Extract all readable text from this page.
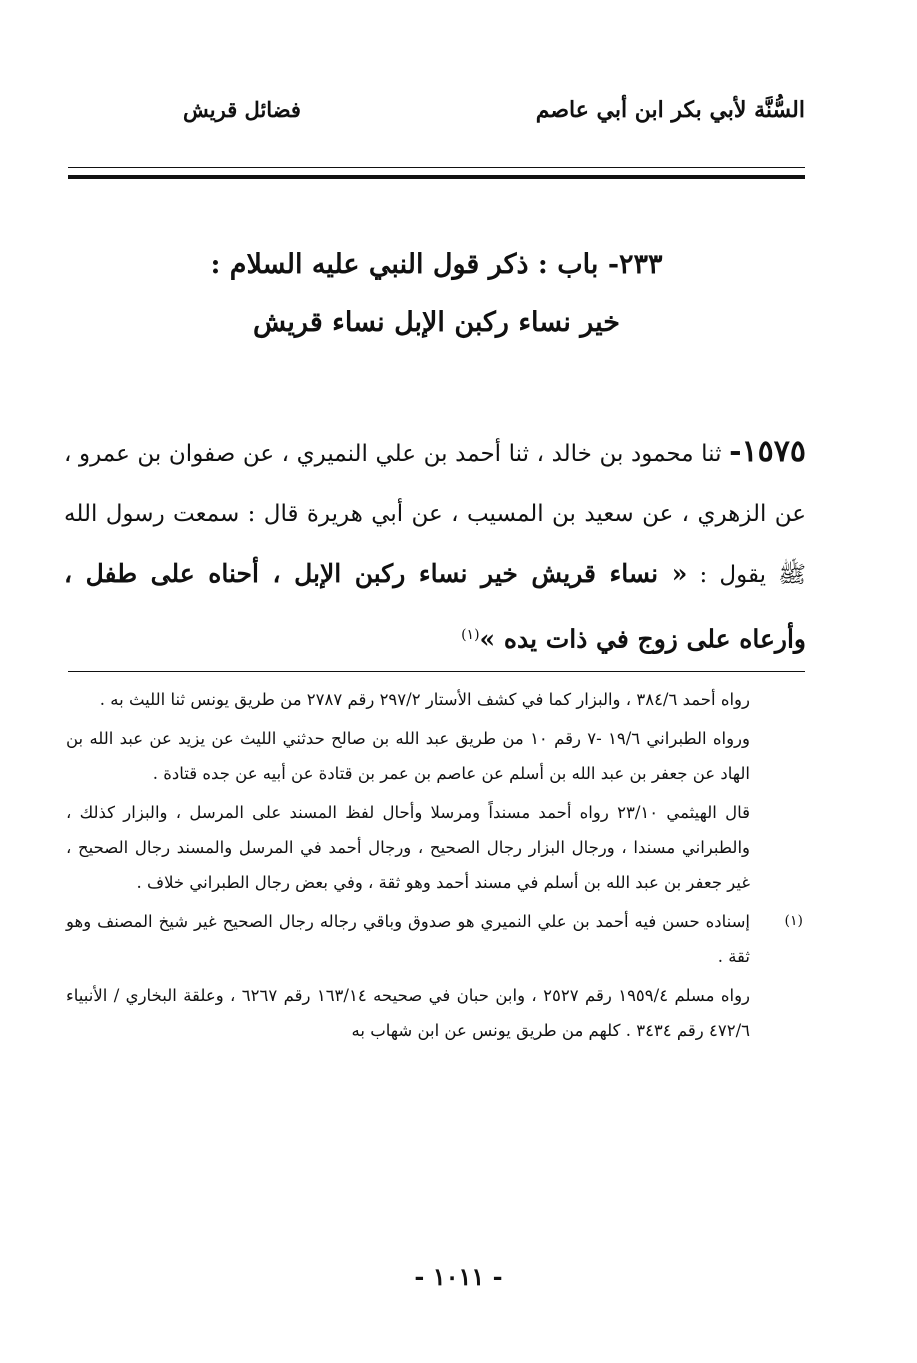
السُّنَّة لأبي بكر ابن أبي عاصم
فضائل قريش
٢٣٣- باب : ذكر قول النبي عليه السلام :
خير نساء ركبن الإبل نساء قريش
١٥٧٥- ثنا محمود بن خالد ، ثنا أحمد بن علي النميري ، عن صفوان بن عمرو ، عن الزهري ، عن سعيد بن المسيب ، عن أبي هريرة قال : سمعت رسول الله ﷺ يقول : « نساء قريش خير نساء ركبن الإبل ، أحناه على طفل ، وأرعاه على زوج في ذات يده »$^{(١)}$
رواه أحمد ٣٨٤/٦ ، والبزار كما في كشف الأستار ٢٩٧/٢ رقم ٢٧٨٧ من طريق يونس ثنا الليث به .
ورواه الطبراني ١٩/٦ -٧ رقم ١٠ من طريق عبد الله بن صالح حدثني الليث عن يزيد عن عبد الله بن الهاد عن جعفر بن عبد الله بن أسلم عن عاصم بن عمر بن قتادة عن أبيه عن جده قتادة .
قال الهيثمي ٢٣/١٠ رواه أحمد مسنداً ومرسلا وأحال لفظ المسند على المرسل ، والبزار كذلك ، والطبراني مسندا ، ورجال البزار رجال الصحيح ، ورجال أحمد في المرسل والمسند رجال الصحيح ، غير جعفر بن عبد الله بن أسلم في مسند أحمد وهو ثقة ، وفي بعض رجال الطبراني خلاف .
(١)
إسناده حسن فيه أحمد بن علي النميري هو صدوق وباقي رجاله رجال الصحيح غير شيخ المصنف وهو ثقة .
رواه مسلم ١٩٥٩/٤ رقم ٢٥٢٧ ، وابن حبان في صحيحه ١٦٣/١٤ رقم ٦٢٦٧ ، وعلقة البخاري / الأنبياء ٤٧٢/٦ رقم ٣٤٣٤ . كلهم من طريق يونس عن ابن شهاب به
- ١٠١١ -
